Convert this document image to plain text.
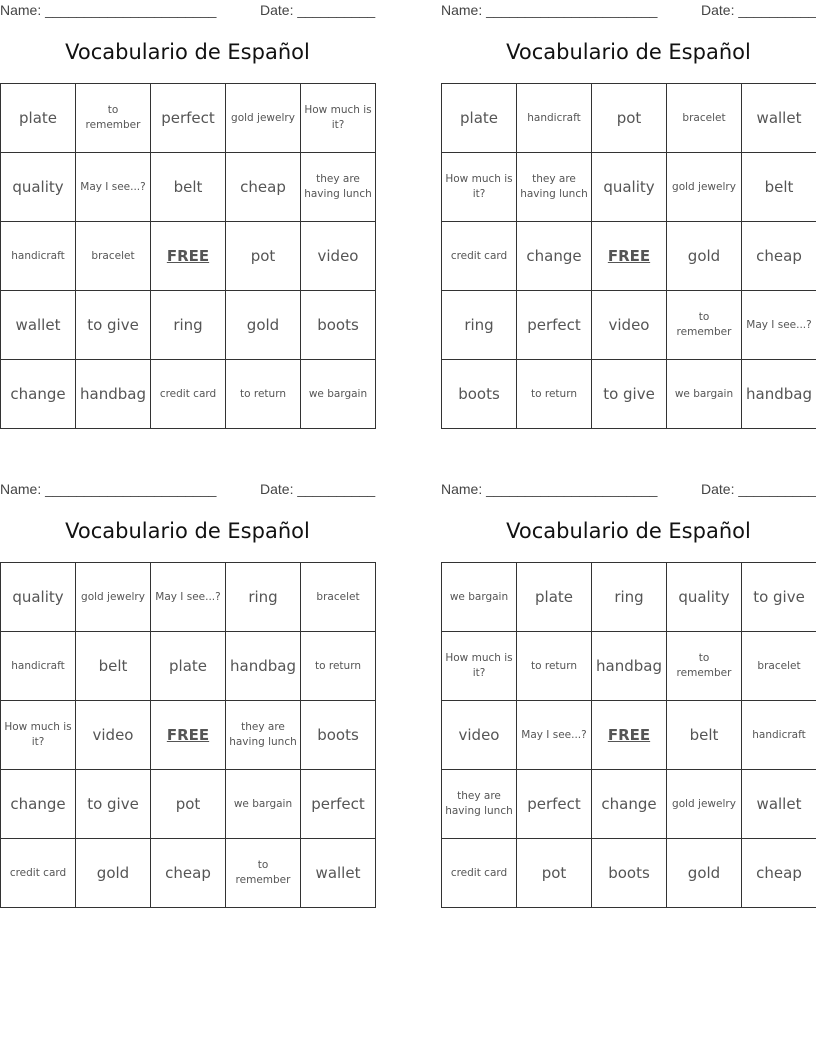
Name: ______________________	Date: __________
Vocabulario de Español
plate	to remember	perfect	gold jewelry	How much is it?
quality	May I see...?	belt	cheap	they are having lunch
handicraft	bracelet	FREE	pot	video
wallet	to give	ring	gold	boots
change	handbag	credit card	to return	we bargain
Name: ______________________	Date: __________
Vocabulario de Español
plate	handicraft	pot	bracelet	wallet
How much is it?	they are having lunch	quality	gold jewelry	belt
credit card	change	FREE	gold	cheap
ring	perfect	video	to remember	May I see...?
boots	to return	to give	we bargain	handbag
Name: ______________________	Date: __________
Vocabulario de Español
quality	gold jewelry	May I see...?	ring	bracelet
handicraft	belt	plate	handbag	to return
How much is it?	video	FREE	they are having lunch	boots
change	to give	pot	we bargain	perfect
credit card	gold	cheap	to remember	wallet
Name: ______________________	Date: __________
Vocabulario de Español
we bargain	plate	ring	quality	to give
How much is it?	to return	handbag	to remember	bracelet
video	May I see...?	FREE	belt	handicraft
they are having lunch	perfect	change	gold jewelry	wallet
credit card	pot	boots	gold	cheap
